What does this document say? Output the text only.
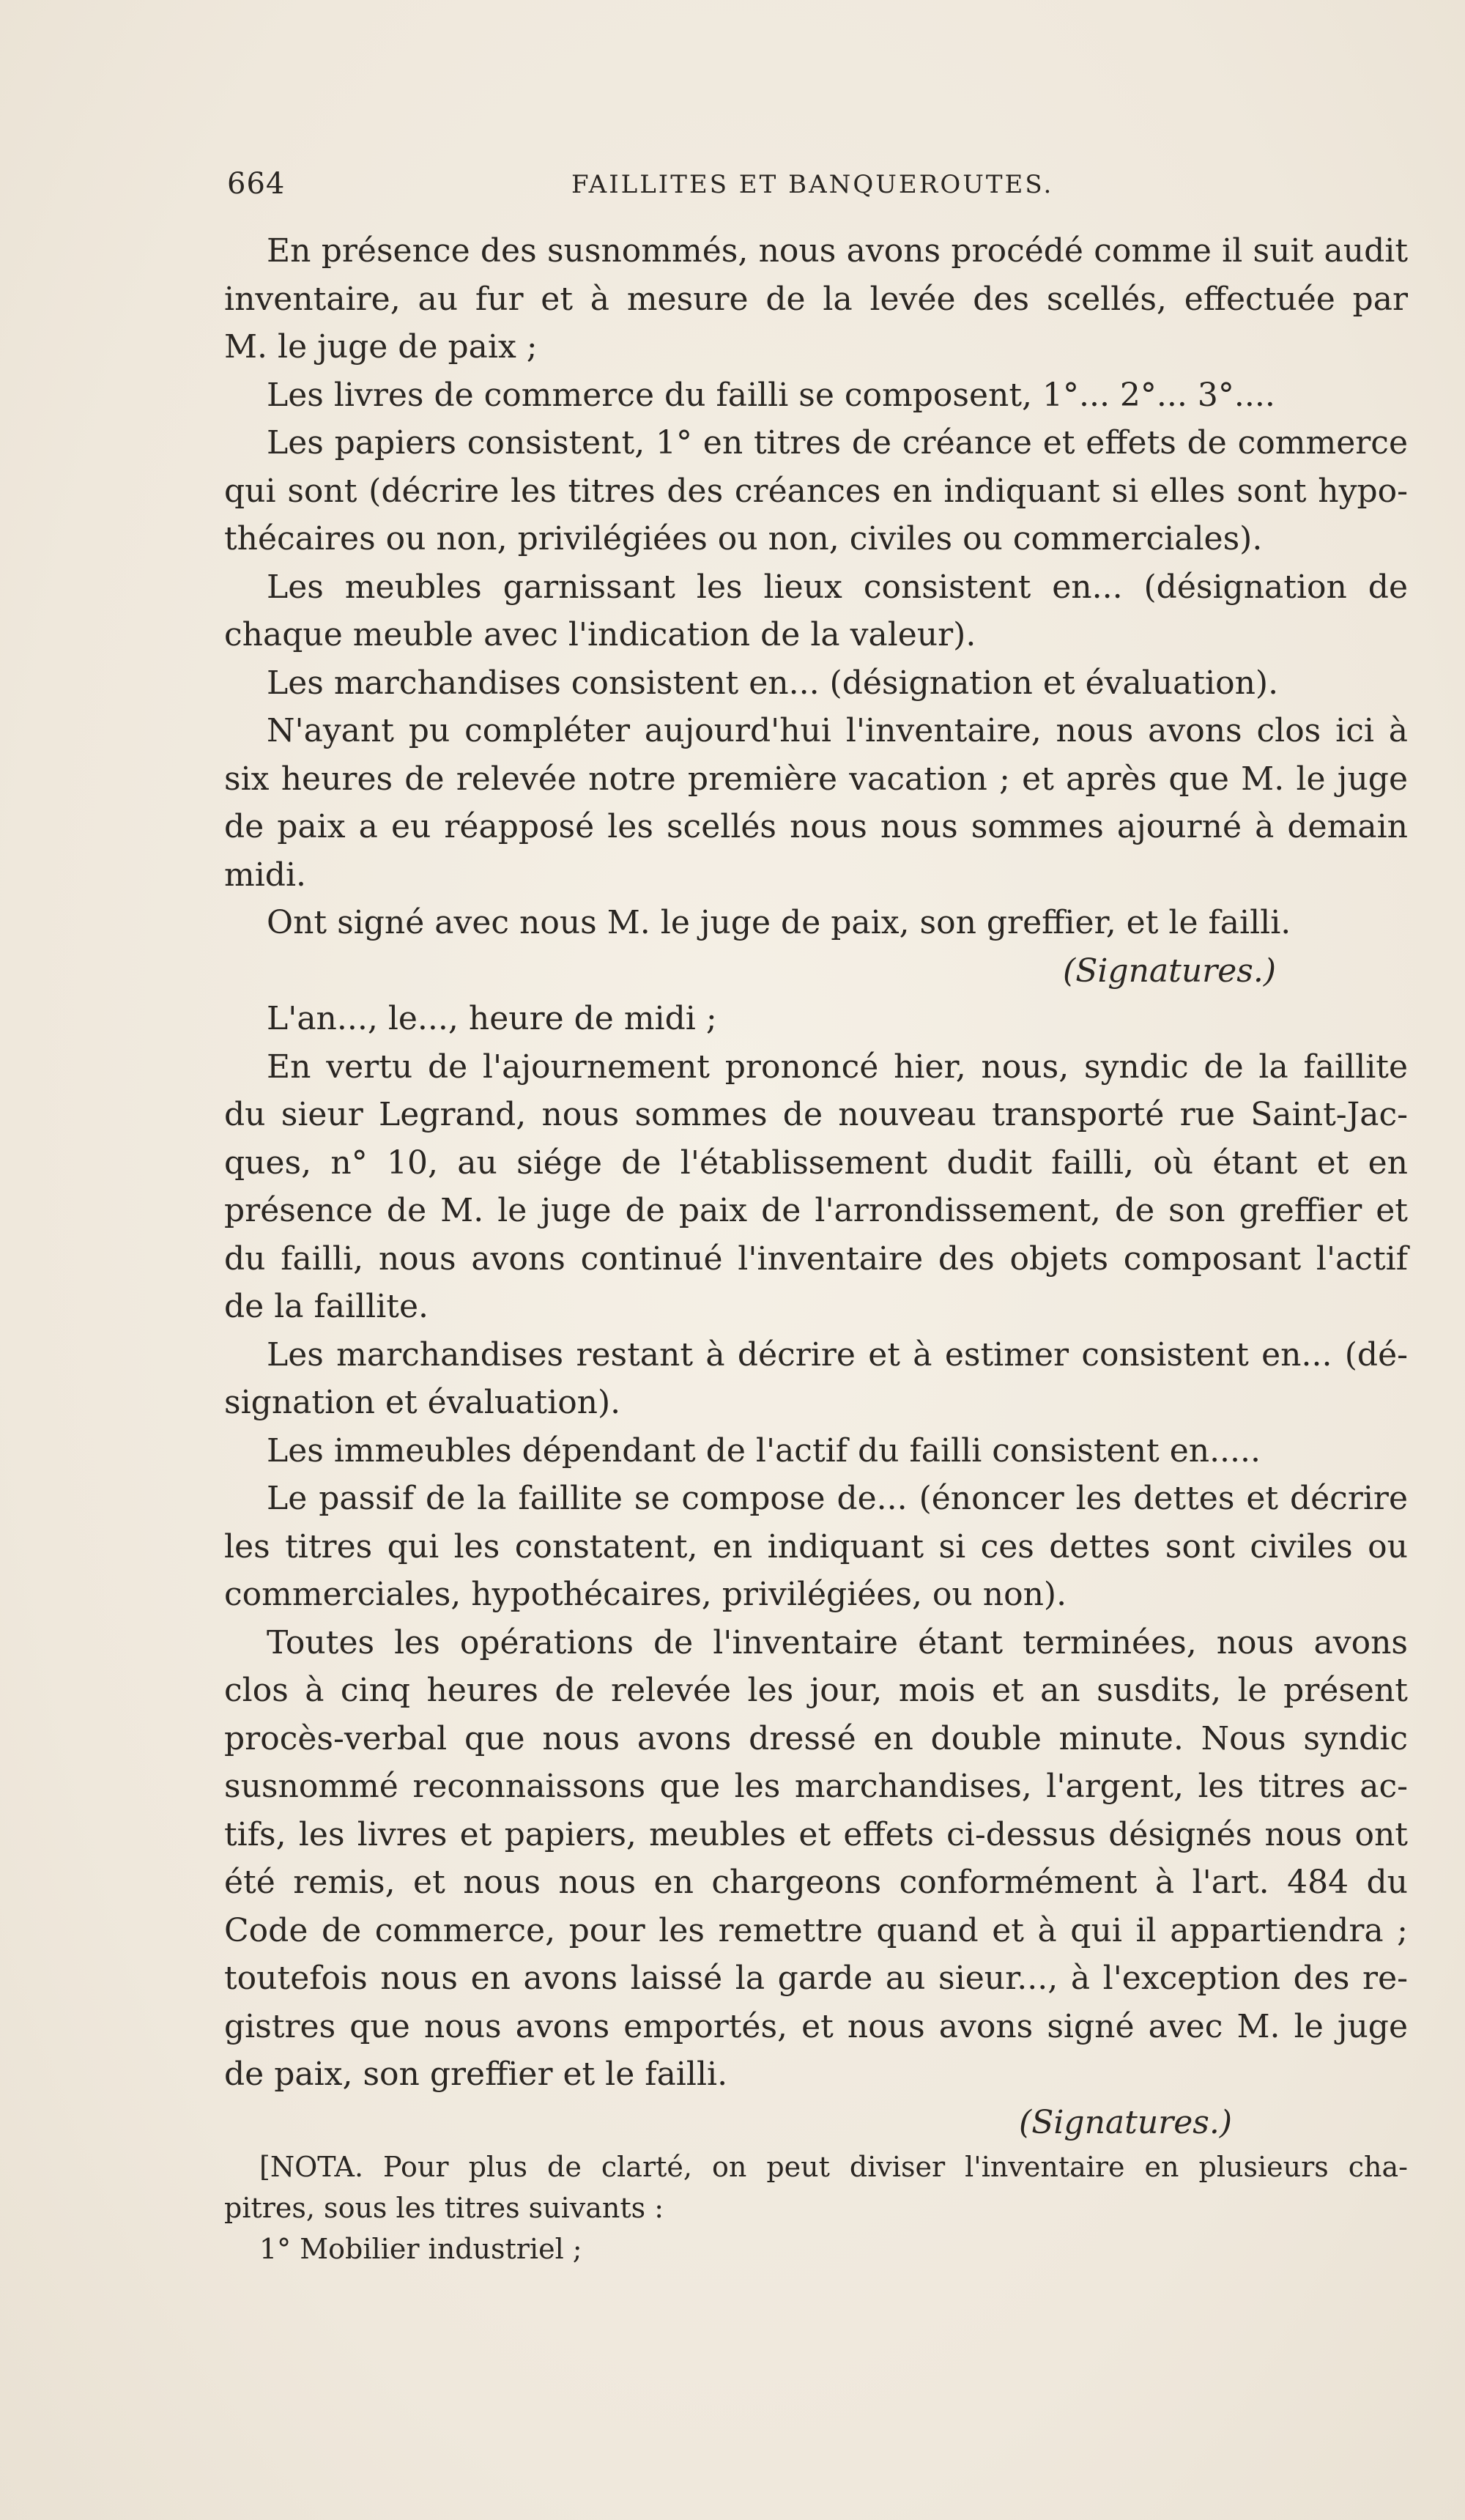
664	FAILLITES ET BANQUEROUTES.
En présence des susnommés, nous avons procédé comme il suit audit
inventaire, au fur et à mesure de la levée des scellés, effectuée par
M. le juge de paix ;
Les livres de commerce du failli se composent, 1°... 2°... 3°....
Les papiers consistent, 1° en titres de créance et effets de commerce
qui sont (décrire les titres des créances en indiquant si elles sont hypo-
thécaires ou non, privilégiées ou non, civiles ou commerciales).
Les meubles garnissant les lieux consistent en... (désignation de
chaque meuble avec l'indication de la valeur).
Les marchandises consistent en... (désignation et évaluation).
N'ayant pu compléter aujourd'hui l'inventaire, nous avons clos ici à
six heures de relevée notre première vacation ; et après que M. le juge
de paix a eu réapposé les scellés nous nous sommes ajourné à demain
midi.
Ont signé avec nous M. le juge de paix, son greffier, et le failli.
(Signatures.)
L'an..., le..., heure de midi ;
En vertu de l'ajournement prononcé hier, nous, syndic de la faillite
du sieur Legrand, nous sommes de nouveau transporté rue Saint-Jac-
ques, n° 10, au siége de l'établissement dudit failli, où étant et en
présence de M. le juge de paix de l'arrondissement, de son greffier et
du failli, nous avons continué l'inventaire des objets composant l'actif
de la faillite.
Les marchandises restant à décrire et à estimer consistent en... (dé-
signation et évaluation).
Les immeubles dépendant de l'actif du failli consistent en.....
Le passif de la faillite se compose de... (énoncer les dettes et décrire
les titres qui les constatent, en indiquant si ces dettes sont civiles ou
commerciales, hypothécaires, privilégiées, ou non).
Toutes les opérations de l'inventaire étant terminées, nous avons
clos à cinq heures de relevée les jour, mois et an susdits, le présent
procès-verbal que nous avons dressé en double minute. Nous syndic
susnommé reconnaissons que les marchandises, l'argent, les titres ac-
tifs, les livres et papiers, meubles et effets ci-dessus désignés nous ont
été remis, et nous nous en chargeons conformément à l'art. 484 du
Code de commerce, pour les remettre quand et à qui il appartiendra ;
toutefois nous en avons laissé la garde au sieur..., à l'exception des re-
gistres que nous avons emportés, et nous avons signé avec M. le juge
de paix, son greffier et le failli.
(Signatures.)
[NOTA. Pour plus de clarté, on peut diviser l'inventaire en plusieurs cha-
pitres, sous les titres suivants :
1° Mobilier industriel ;
